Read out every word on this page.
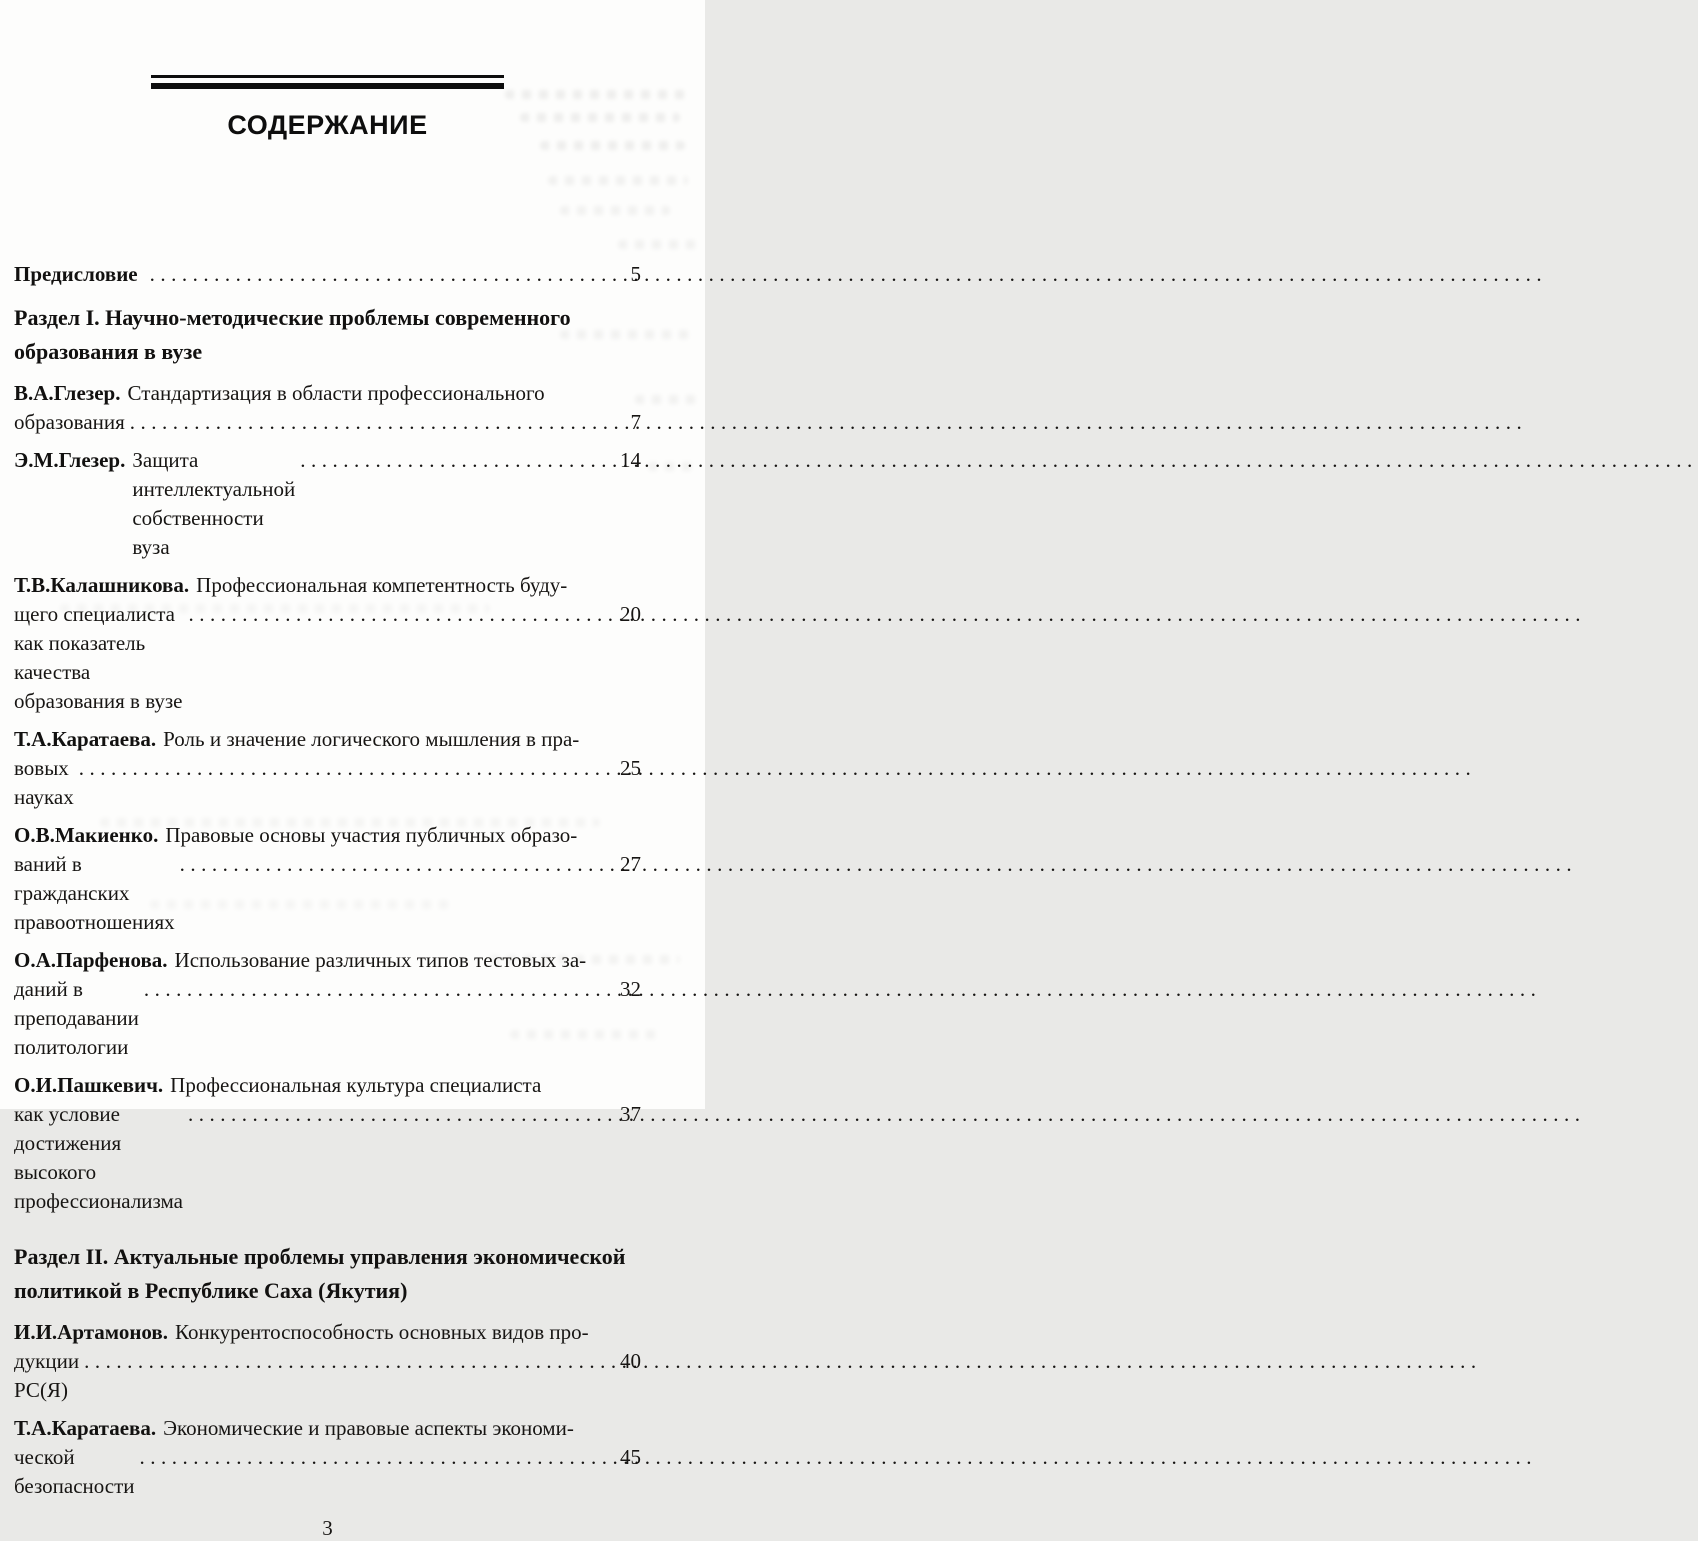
СОДЕРЖАНИЕ
Предисловие .....	5
Раздел I. Научно-методические проблемы современного
образования в вузе
В.А.Глезер. Стандартизация в области профессионального
образования .....	7
Э.М.Глезер. Защита интеллектуальной собственности вуза
.....
14
Т.В.Калашникова. Профессиональная компетентность буду-
щего специалиста как показатель качества образования в вузе
.....
20
Т.А.Каратаева. Роль и значение логического мышления в пра-
вовых науках
.....
25
О.В.Макиенко. Правовые основы участия публичных образо-
ваний в гражданских правоотношениях
.....
27
О.А.Парфенова. Использование различных типов тестовых за-
даний в преподавании политологии
.....
32
О.И.Пашкевич. Профессиональная культура специалиста
как условие достижения высокого профессионализма
.....
37
Раздел II. Актуальные проблемы управления экономической
политикой в Республике Саха (Якутия)
И.И.Артамонов. Конкурентоспособность основных видов про-
дукции РС(Я)
.....
40
Т.А.Каратаева. Экономические и правовые аспекты экономи-
ческой безопасности
.....
45
3
